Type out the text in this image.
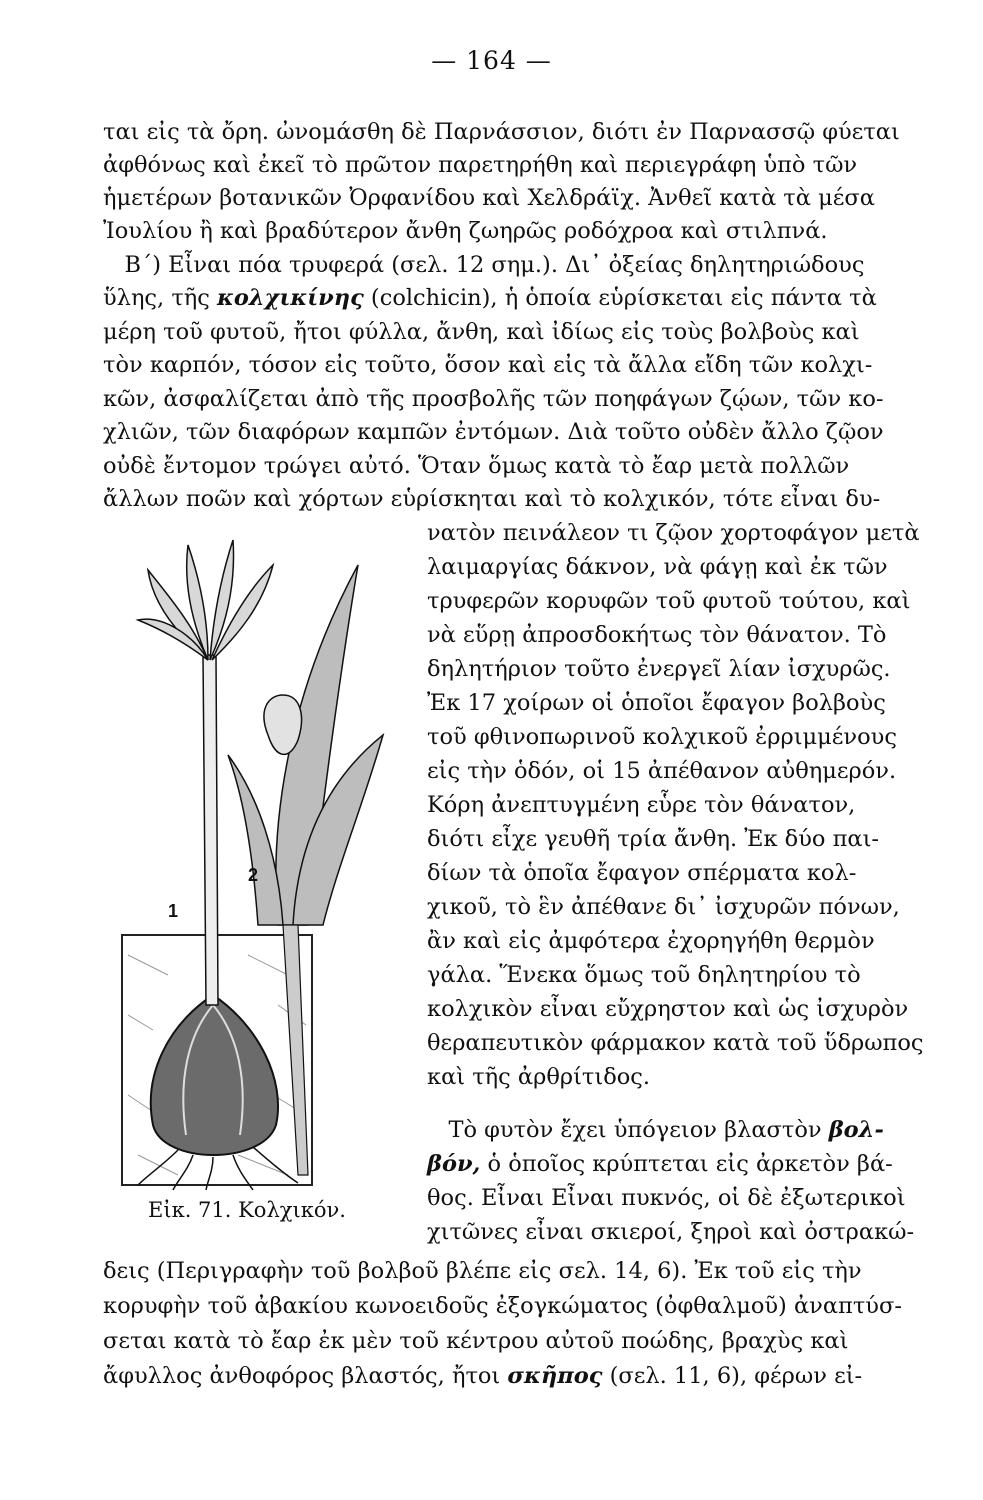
— 164 —
ται εἰς τὰ ὄρη. ὠνομάσθη δὲ Παρνάσσιον, διότι ἐν Παρνασσῷ φύεται
ἀφθόνως καὶ ἐκεῖ τὸ πρῶτον παρετηρήθη καὶ περιεγράφη ὑπὸ τῶν
ἡμετέρων βοτανικῶν Ὀρφανίδου καὶ Χελδράϊχ. Ἀνθεῖ κατὰ τὰ μέσα
Ἰουλίου ἢ καὶ βραδύτερον ἄνθη ζωηρῶς ροδόχροα καὶ στιλπνά.
Β΄) Εἶναι πόα τρυφερά (σελ. 12 σημ.). Δι᾽ ὀξείας δηλητηριώδους
ὕλης, τῆς κολχικίνης (colchicin), ἡ ὁποία εὑρίσκεται εἰς πάντα τὰ
μέρη τοῦ φυτοῦ, ἤτοι φύλλα, ἄνθη, καὶ ἰδίως εἰς τοὺς βολβοὺς καὶ
τὸν καρπόν, τόσον εἰς τοῦτο, ὅσον καὶ εἰς τὰ ἄλλα εἴδη τῶν κολχι-
κῶν, ἀσφαλίζεται ἀπὸ τῆς προσβολῆς τῶν ποηφάγων ζῴων, τῶν κο-
χλιῶν, τῶν διαφόρων καμπῶν ἐντόμων. Διὰ τοῦτο οὐδὲν ἄλλο ζῷον
οὐδὲ ἔντομον τρώγει αὐτό. Ὅταν ὅμως κατὰ τὸ ἔαρ μετὰ πολλῶν
ἄλλων ποῶν καὶ χόρτων εὑρίσκηται καὶ τὸ κολχικόν, τότε εἶναι δυ-
νατὸν πεινάλεον τι ζῷον χορτοφάγον μετὰ
λαιμαργίας δάκνον, νὰ φάγῃ καὶ ἐκ τῶν
τρυφερῶν κορυφῶν τοῦ φυτοῦ τούτου, καὶ
νὰ εὕρῃ ἀπροσδοκήτως τὸν θάνατον. Τὸ
δηλητήριον τοῦτο ἐνεργεῖ λίαν ἰσχυρῶς.
Ἐκ 17 χοίρων οἱ ὁποῖοι ἔφαγον βολβοὺς
τοῦ φθινοπωρινοῦ κολχικοῦ ἐρριμμένους
εἰς τὴν ὁδόν, οἱ 15 ἀπέθανον αὐθημερόν.
Κόρη ἀνεπτυγμένη εὗρε τὸν θάνατον,
διότι εἶχε γευθῆ τρία ἄνθη. Ἐκ δύο παι-
δίων τὰ ὁποῖα ἔφαγον σπέρματα κολ-
χικοῦ, τὸ ἓν ἀπέθανε δι᾽ ἰσχυρῶν πόνων,
ἂν καὶ εἰς ἀμφότερα ἐχορηγήθη θερμὸν
γάλα. Ἕνεκα ὅμως τοῦ δηλητηρίου τὸ
κολχικὸν εἶναι εὔχρηστον καὶ ὡς ἰσχυρὸν
θεραπευτικὸν φάρμακον κατὰ τοῦ ὕδρωπος
καὶ τῆς ἀρθρίτιδος.
Τὸ φυτὸν ἔχει ὑπόγειον βλαστὸν βολ-
βόν, ὁ ὁποῖος κρύπτεται εἰς ἀρκετὸν βά-
θος. Εἶναι Εἶναι πυκνός, οἱ δὲ ἐξωτερικοὶ
χιτῶνες εἶναι σκιεροί, ξηροὶ καὶ ὀστρακώ-
δεις (Περιγραφὴν τοῦ βολβοῦ βλέπε εἰς σελ. 14, 6). Ἐκ τοῦ εἰς τὴν
κορυφὴν τοῦ ἀβακίου κωνοειδοῦς ἐξογκώματος (ὀφθαλμοῦ) ἀναπτύσ-
σεται κατὰ τὸ ἔαρ ἐκ μὲν τοῦ κέντρου αὐτοῦ ποώδης, βραχὺς καὶ
ἄφυλλος ἀνθοφόρος βλαστός, ἤτοι σκῆπος (σελ. 11, 6), φέρων εἰ-
2
1
Εἰκ. 71. Κολχικόν.
